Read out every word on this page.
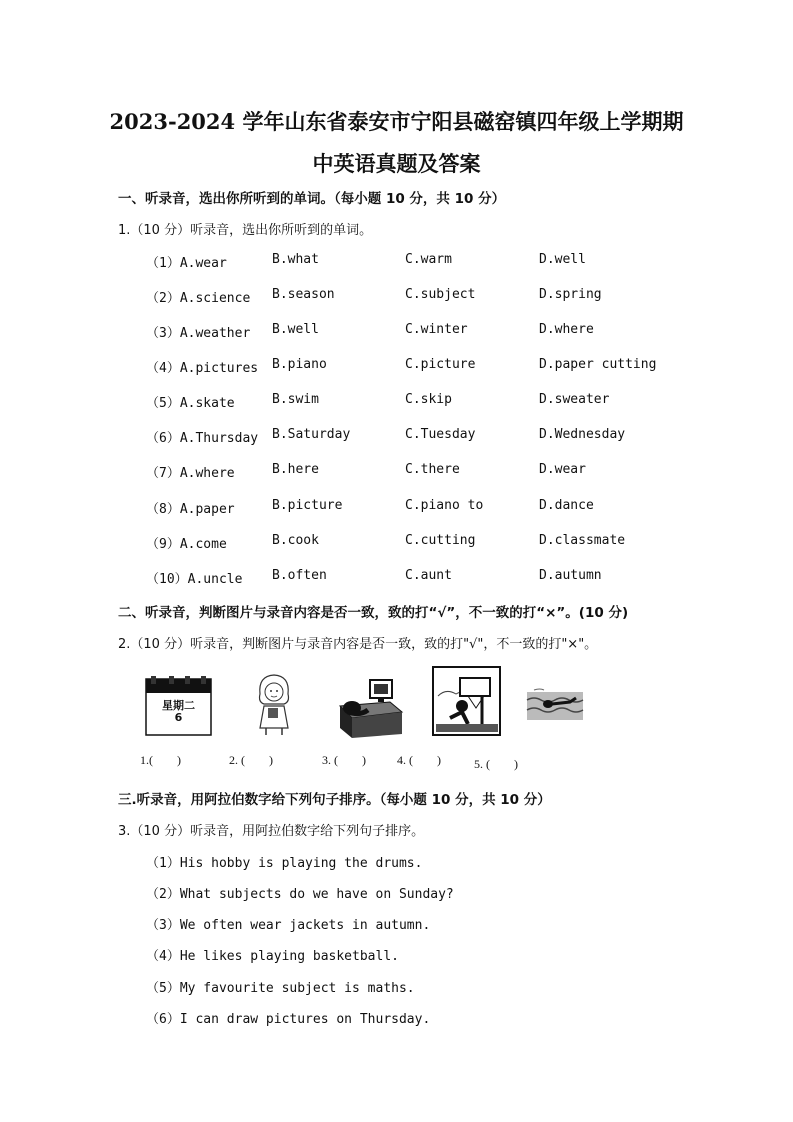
2023-2024 学年山东省泰安市宁阳县磁窑镇四年级上学期期
中英语真题及答案
一、听录音，选出你所听到的单词。（每小题 10 分，共 10 分）
1.（10 分）听录音，选出你所听到的单词。
（1）A.wear	B.what	C.warm	D.well
（2）A.science B.season	C.subject	D.spring
（3）A.weather B.well	C.winter	D.where
（4）A.pictures B.piano	C.picture	D.paper cutting
（5）A.skate	B.swim	C.skip	D.sweater
（6）A.Thursday B.Saturday	C.Tuesday	D.Wednesday
（7）A.where	B.here	C.there	D.wear
（8）A.paper	B.picture	C.piano to	D.dance
（9）A.come	B.cook	C.cutting	D.classmate
（10）A.uncle B.often	C.aunt	D.autumn
二、听录音，判断图片与录音内容是否一致，致的打“√”，不一致的打“×”。(10 分)
2.（10 分）听录音，判断图片与录音内容是否一致，致的打"√"，不一致的打"×"。
星期二
6
1.(        )	2. (        )	3. (        )	4. (        )	5. (        )
三.听录音，用阿拉伯数字给下列句子排序。（每小题 10 分，共 10 分）
3.（10 分）听录音，用阿拉伯数字给下列句子排序。
（1）His hobby is playing the drums.
（2）What subjects do we have on Sunday?
（3）We often wear jackets in autumn.
（4）He likes playing basketball.
（5）My favourite subject is maths.
（6）I can draw pictures on Thursday.
